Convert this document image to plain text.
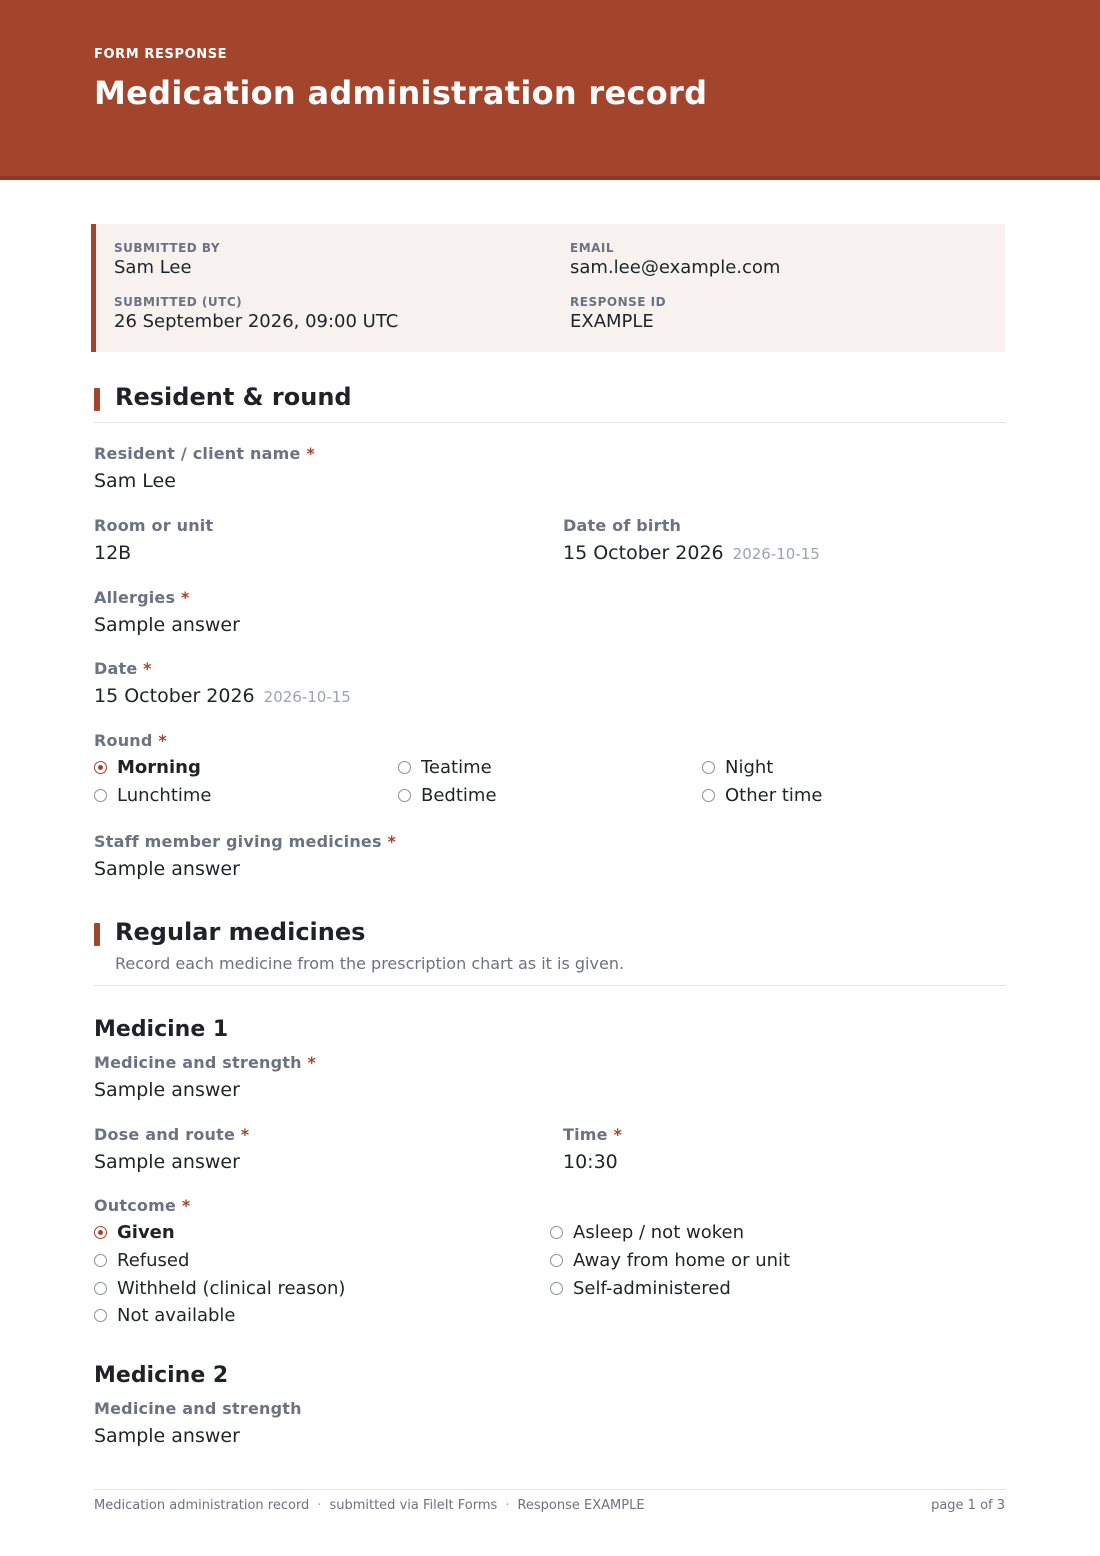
FORM RESPONSE
Medication administration record
SUBMITTED BY
Sam Lee
EMAIL
sam.lee@example.com
SUBMITTED (UTC)
26 September 2026, 09:00 UTC
RESPONSE ID
EXAMPLE
Resident & round
Resident / client name *
Sam Lee
Room or unit
12B
Date of birth
15 October 2026 2026-10-15
Allergies *
Sample answer
Date *
15 October 2026 2026-10-15
Round *
Morning	Teatime	Night
Lunchtime	Bedtime	Other time
Staff member giving medicines *
Sample answer
Regular medicines
Record each medicine from the prescription chart as it is given.
Medicine 1
Medicine and strength *
Sample answer
Dose and route *
Sample answer
Time *
10:30
Outcome *
Given
Refused
Withheld (clinical reason)
Not available
Asleep / not woken
Away from home or unit
Self-administered
Medicine 2
Medicine and strength
Sample answer
Medication administration record · submitted via FileIt Forms · Response EXAMPLE	page 1 of 3
